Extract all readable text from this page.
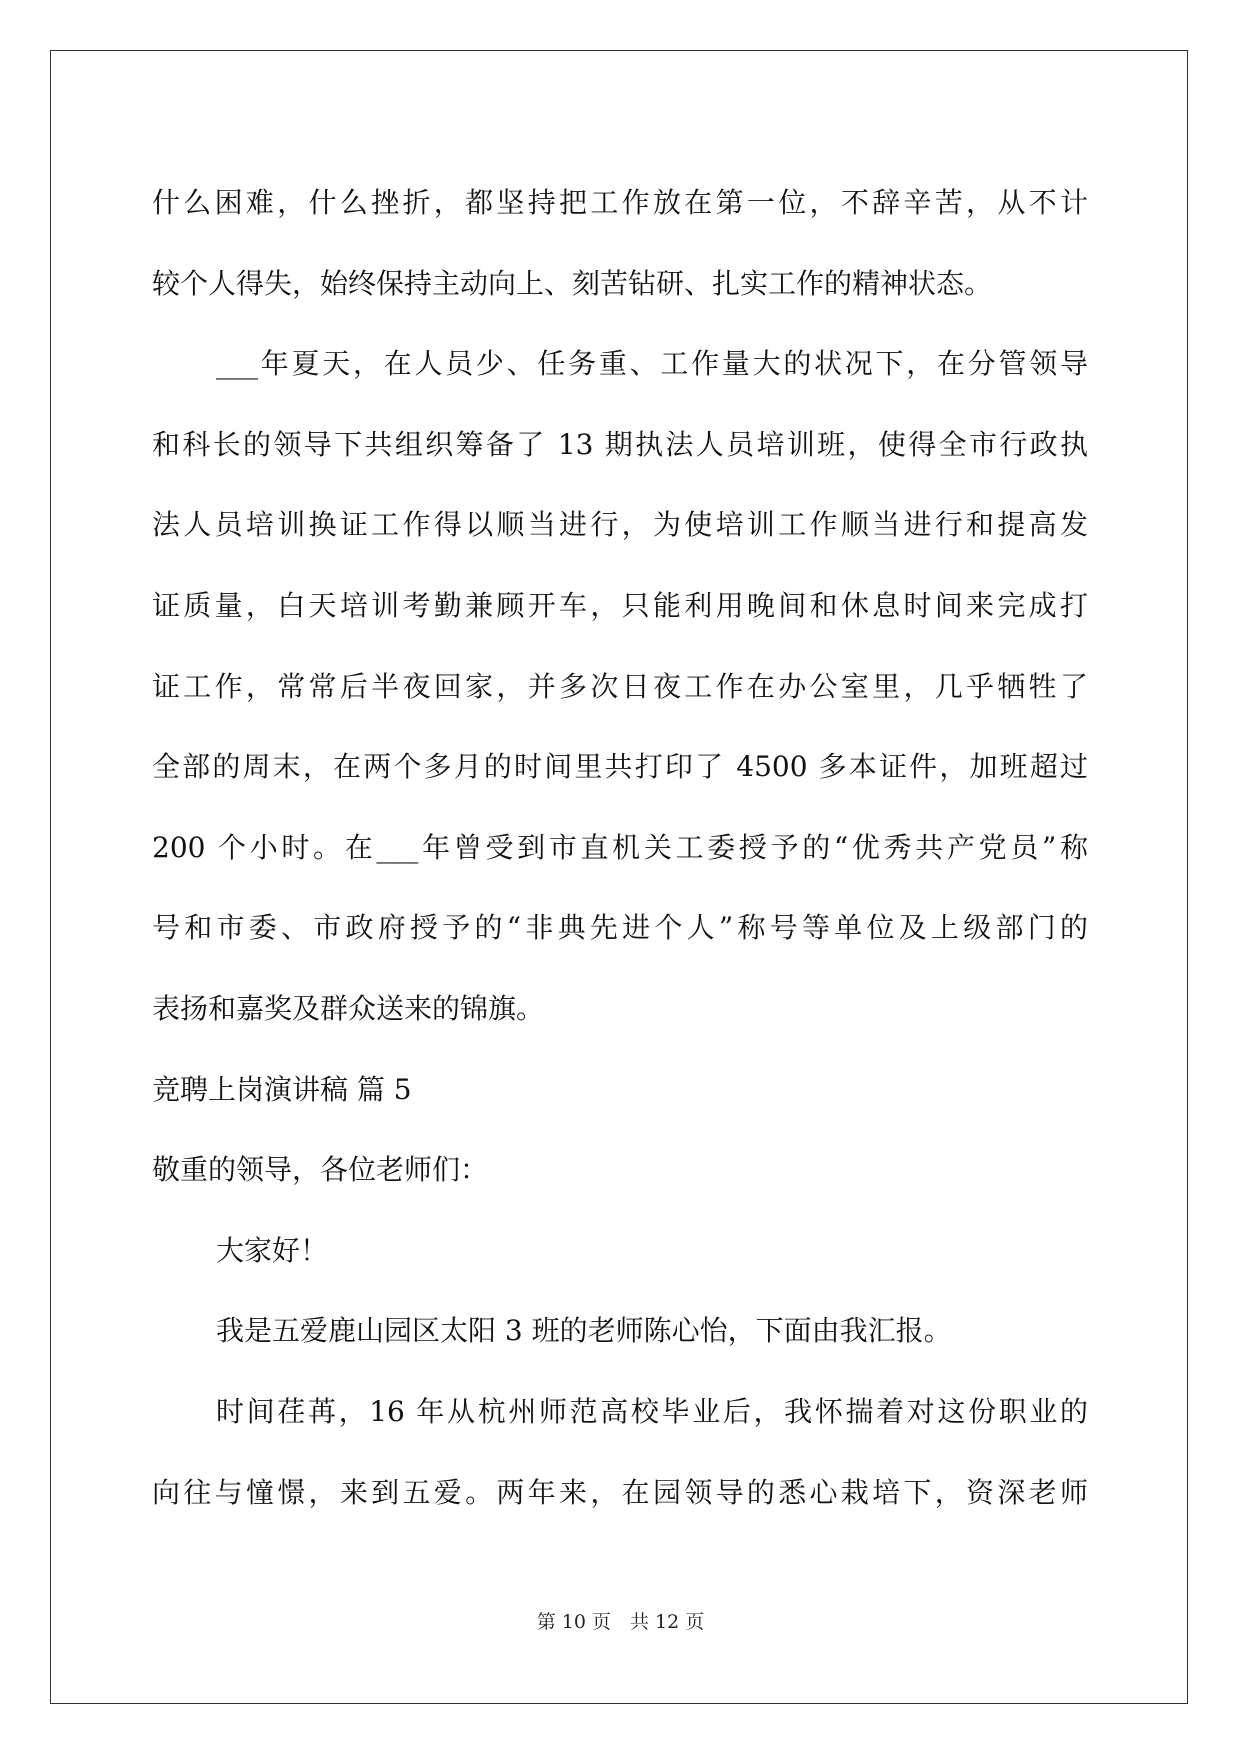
什么困难，什么挫折，都坚持把工作放在第一位，不辞辛苦，从不计
较个人得失，始终保持主动向上、刻苦钻研、扎实工作的精神状态。
___年夏天，在人员少、任务重、工作量大的状况下，在分管领导
和科长的领导下共组织筹备了 13 期执法人员培训班，使得全市行政执
法人员培训换证工作得以顺当进行，为使培训工作顺当进行和提高发
证质量，白天培训考勤兼顾开车，只能利用晚间和休息时间来完成打
证工作，常常后半夜回家，并多次日夜工作在办公室里，几乎牺牲了
全部的周末，在两个多月的时间里共打印了 4500 多本证件，加班超过
200 个小时。在___年曾受到市直机关工委授予的“优秀共产党员”称
号和市委、市政府授予的“非典先进个人”称号等单位及上级部门的
表扬和嘉奖及群众送来的锦旗。
竞聘上岗演讲稿 篇 5
敬重的领导，各位老师们：
大家好！
我是五爱鹿山园区太阳 3 班的老师陈心怡，下面由我汇报。
时间荏苒，16 年从杭州师范高校毕业后，我怀揣着对这份职业的
向往与憧憬，来到五爱。两年来，在园领导的悉心栽培下，资深老师
第 10 页　共 12 页
